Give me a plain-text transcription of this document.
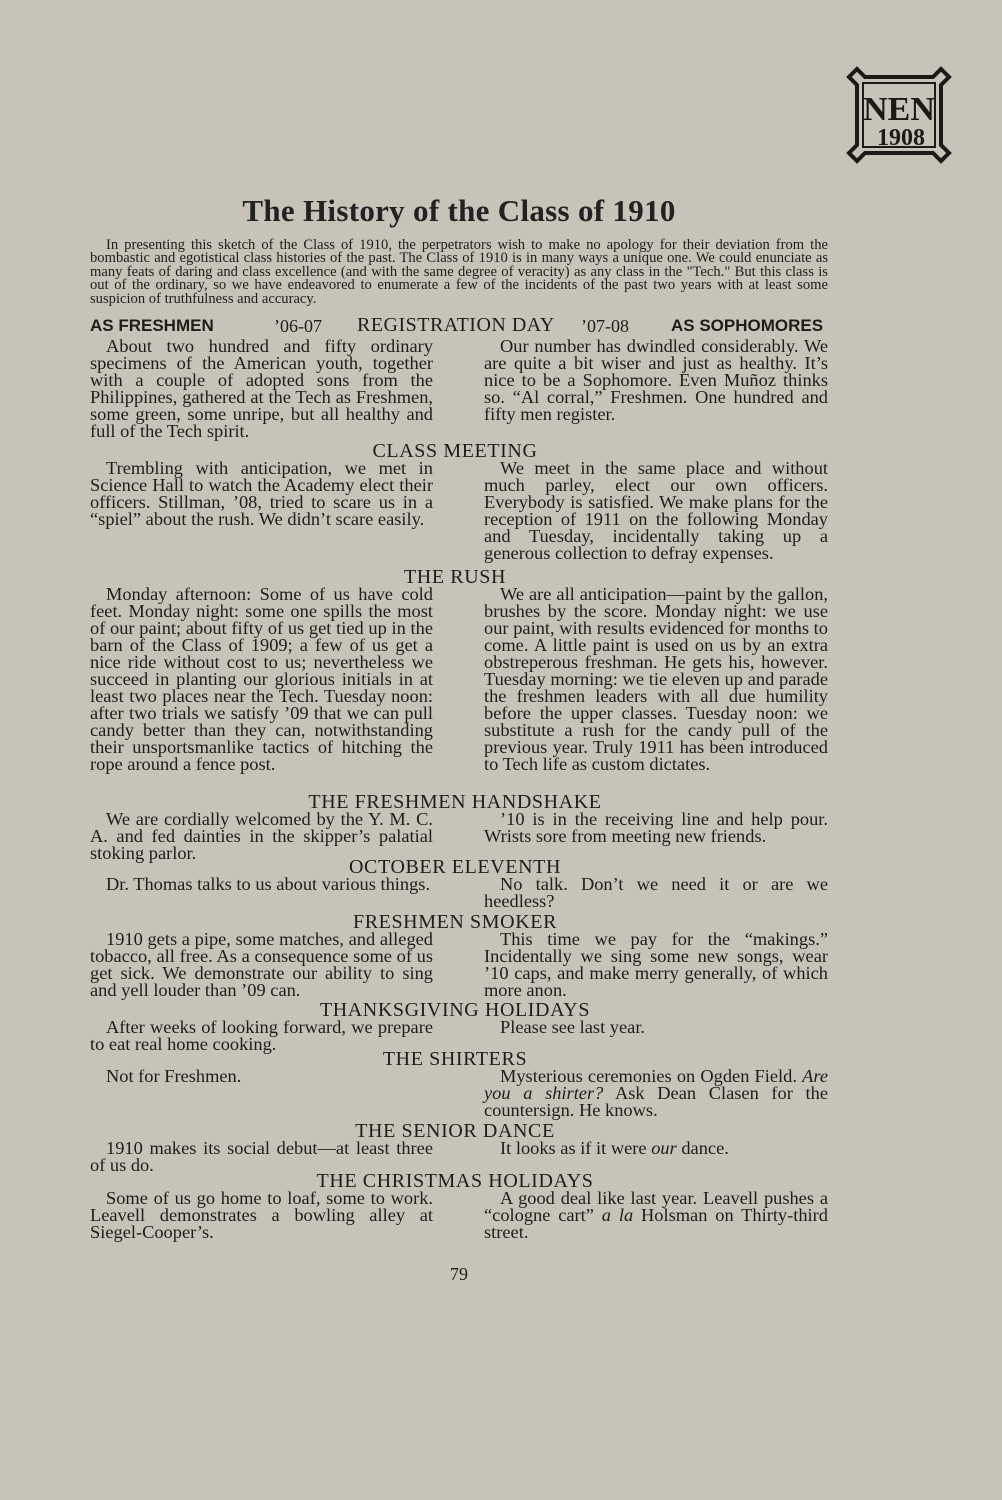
NEN
1908
The History of the Class of 1910
In presenting this sketch of the Class of 1910, the perpetrators wish to make no apology for their deviation from the bombastic and egotistical class histories of the past. The Class of 1910 is in many ways a unique one. We could enunciate as many feats of daring and class excellence (and with the same degree of veracity) as any class in the "Tech." But this class is out of the ordinary, so we have endeavored to enumerate a few of the incidents of the past two years with at least some suspicion of truthfulness and accuracy.
AS FRESHMEN	’06-07 REGISTRATION DAY ’07-08 AS SOPHOMORES
About two hundred and fifty ordinary specimens of the American youth, together with a couple of adopted sons from the Philippines, gathered at the Tech as Freshmen, some green, some unripe, but all healthy and full of the Tech spirit.
Our number has dwindled considerably. We are quite a bit wiser and just as healthy. It’s nice to be a Sophomore. Even Muñoz thinks so. “Al corral,” Freshmen. One hundred and fifty men register.
CLASS MEETING
Trembling with anticipation, we met in Science Hall to watch the Academy elect their officers. Stillman, ’08, tried to scare us in a “spiel” about the rush. We didn’t scare easily.
We meet in the same place and without much parley, elect our own officers. Everybody is satisfied. We make plans for the reception of 1911 on the following Monday and Tuesday, incidentally taking up a generous collection to defray expenses.
THE RUSH
Monday afternoon: Some of us have cold feet. Monday night: some one spills the most of our paint; about fifty of us get tied up in the barn of the Class of 1909; a few of us get a nice ride without cost to us; nevertheless we succeed in planting our glorious initials in at least two places near the Tech. Tuesday noon: after two trials we satisfy ’09 that we can pull candy better than they can, notwithstanding their unsportsmanlike tactics of hitching the rope around a fence post.
We are all anticipation—paint by the gallon, brushes by the score. Monday night: we use our paint, with results evidenced for months to come. A little paint is used on us by an extra obstreperous freshman. He gets his, however. Tuesday morning: we tie eleven up and parade the freshmen leaders with all due humility before the upper classes. Tuesday noon: we substitute a rush for the candy pull of the previous year. Truly 1911 has been introduced to Tech life as custom dictates.
THE FRESHMEN HANDSHAKE
We are cordially welcomed by the Y. M. C. A. and fed dainties in the skipper’s palatial stoking parlor.
’10 is in the receiving line and help pour. Wrists sore from meeting new friends.
OCTOBER ELEVENTH
Dr. Thomas talks to us about various things.	No talk. Don’t we need it or are we heedless?
FRESHMEN SMOKER
1910 gets a pipe, some matches, and alleged tobacco, all free. As a consequence some of us get sick. We demonstrate our ability to sing and yell louder than ’09 can.
This time we pay for the “makings.” Incidentally we sing some new songs, wear ’10 caps, and make merry generally, of which more anon.
THANKSGIVING HOLIDAYS
After weeks of looking forward, we prepare to eat real home cooking.
Please see last year.
THE SHIRTERS
Not for Freshmen.	Mysterious ceremonies on Ogden Field. Are you a shirter? Ask Dean Clasen for the countersign. He knows.
THE SENIOR DANCE
1910 makes its social debut—at least three of us do.
It looks as if it were our dance.
THE CHRISTMAS HOLIDAYS
Some of us go home to loaf, some to work. Leavell demonstrates a bowling alley at Siegel-Cooper’s.
A good deal like last year. Leavell pushes a “cologne cart” a la Holsman on Thirty-third street.
79
